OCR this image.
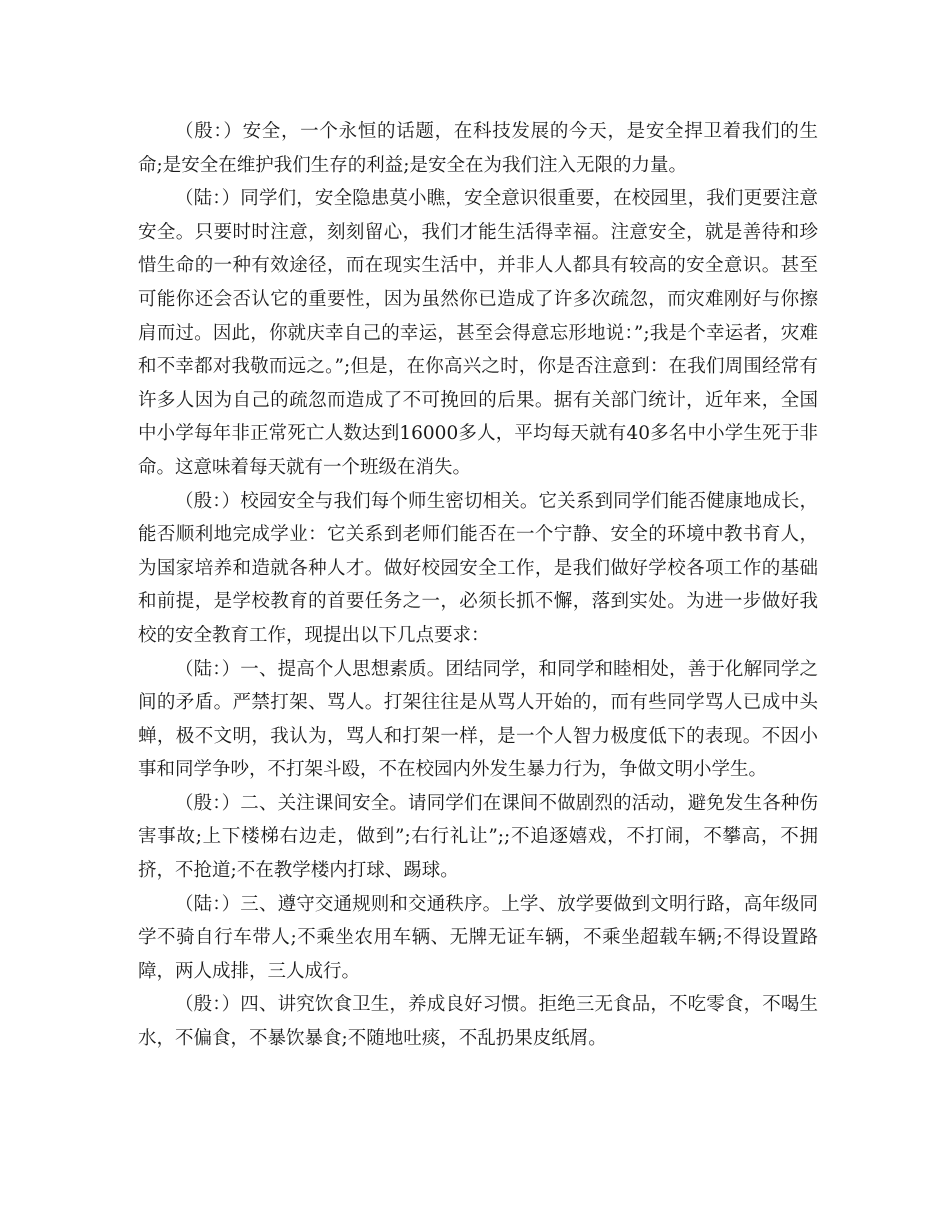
（殷：）安全，一个永恒的话题，在科技发展的今天，是安全捍卫着我们的生命;是安全在维护我们生存的利益;是安全在为我们注入无限的力量。

（陆：）同学们，安全隐患莫小瞧，安全意识很重要，在校园里，我们更要注意安全。只要时时注意，刻刻留心，我们才能生活得幸福。注意安全，就是善待和珍惜生命的一种有效途径，而在现实生活中，并非人人都具有较高的安全意识。甚至可能你还会否认它的重要性，因为虽然你已造成了许多次疏忽，而灾难刚好与你擦肩而过。因此，你就庆幸自己的幸运，甚至会得意忘形地说：”;我是个幸运者，灾难和不幸都对我敬而远之。”;但是，在你高兴之时，你是否注意到：在我们周围经常有许多人因为自己的疏忽而造成了不可挽回的后果。据有关部门统计，近年来，全国中小学每年非正常死亡人数达到16000多人，平均每天就有40多名中小学生死于非命。这意味着每天就有一个班级在消失。

（殷：）校园安全与我们每个师生密切相关。它关系到同学们能否健康地成长，能否顺利地完成学业：它关系到老师们能否在一个宁静、安全的环境中教书育人，为国家培养和造就各种人才。做好校园安全工作，是我们做好学校各项工作的基础和前提，是学校教育的首要任务之一，必须长抓不懈，落到实处。为进一步做好我校的安全教育工作，现提出以下几点要求：

（陆：）一、提高个人思想素质。团结同学，和同学和睦相处，善于化解同学之间的矛盾。严禁打架、骂人。打架往往是从骂人开始的，而有些同学骂人已成中头蝉，极不文明，我认为，骂人和打架一样，是一个人智力极度低下的表现。不因小事和同学争吵，不打架斗殴，不在校园内外发生暴力行为，争做文明小学生。

（殷：）二、关注课间安全。请同学们在课间不做剧烈的活动，避免发生各种伤害事故;上下楼梯右边走，做到”;右行礼让”;;不追逐嬉戏，不打闹，不攀高，不拥挤，不抢道;不在教学楼内打球、踢球。

（陆：）三、遵守交通规则和交通秩序。上学、放学要做到文明行路，高年级同学不骑自行车带人;不乘坐农用车辆、无牌无证车辆，不乘坐超载车辆;不得设置路障，两人成排，三人成行。

（殷：）四、讲究饮食卫生，养成良好习惯。拒绝三无食品，不吃零食，不喝生水，不偏食，不暴饮暴食;不随地吐痰，不乱扔果皮纸屑。
